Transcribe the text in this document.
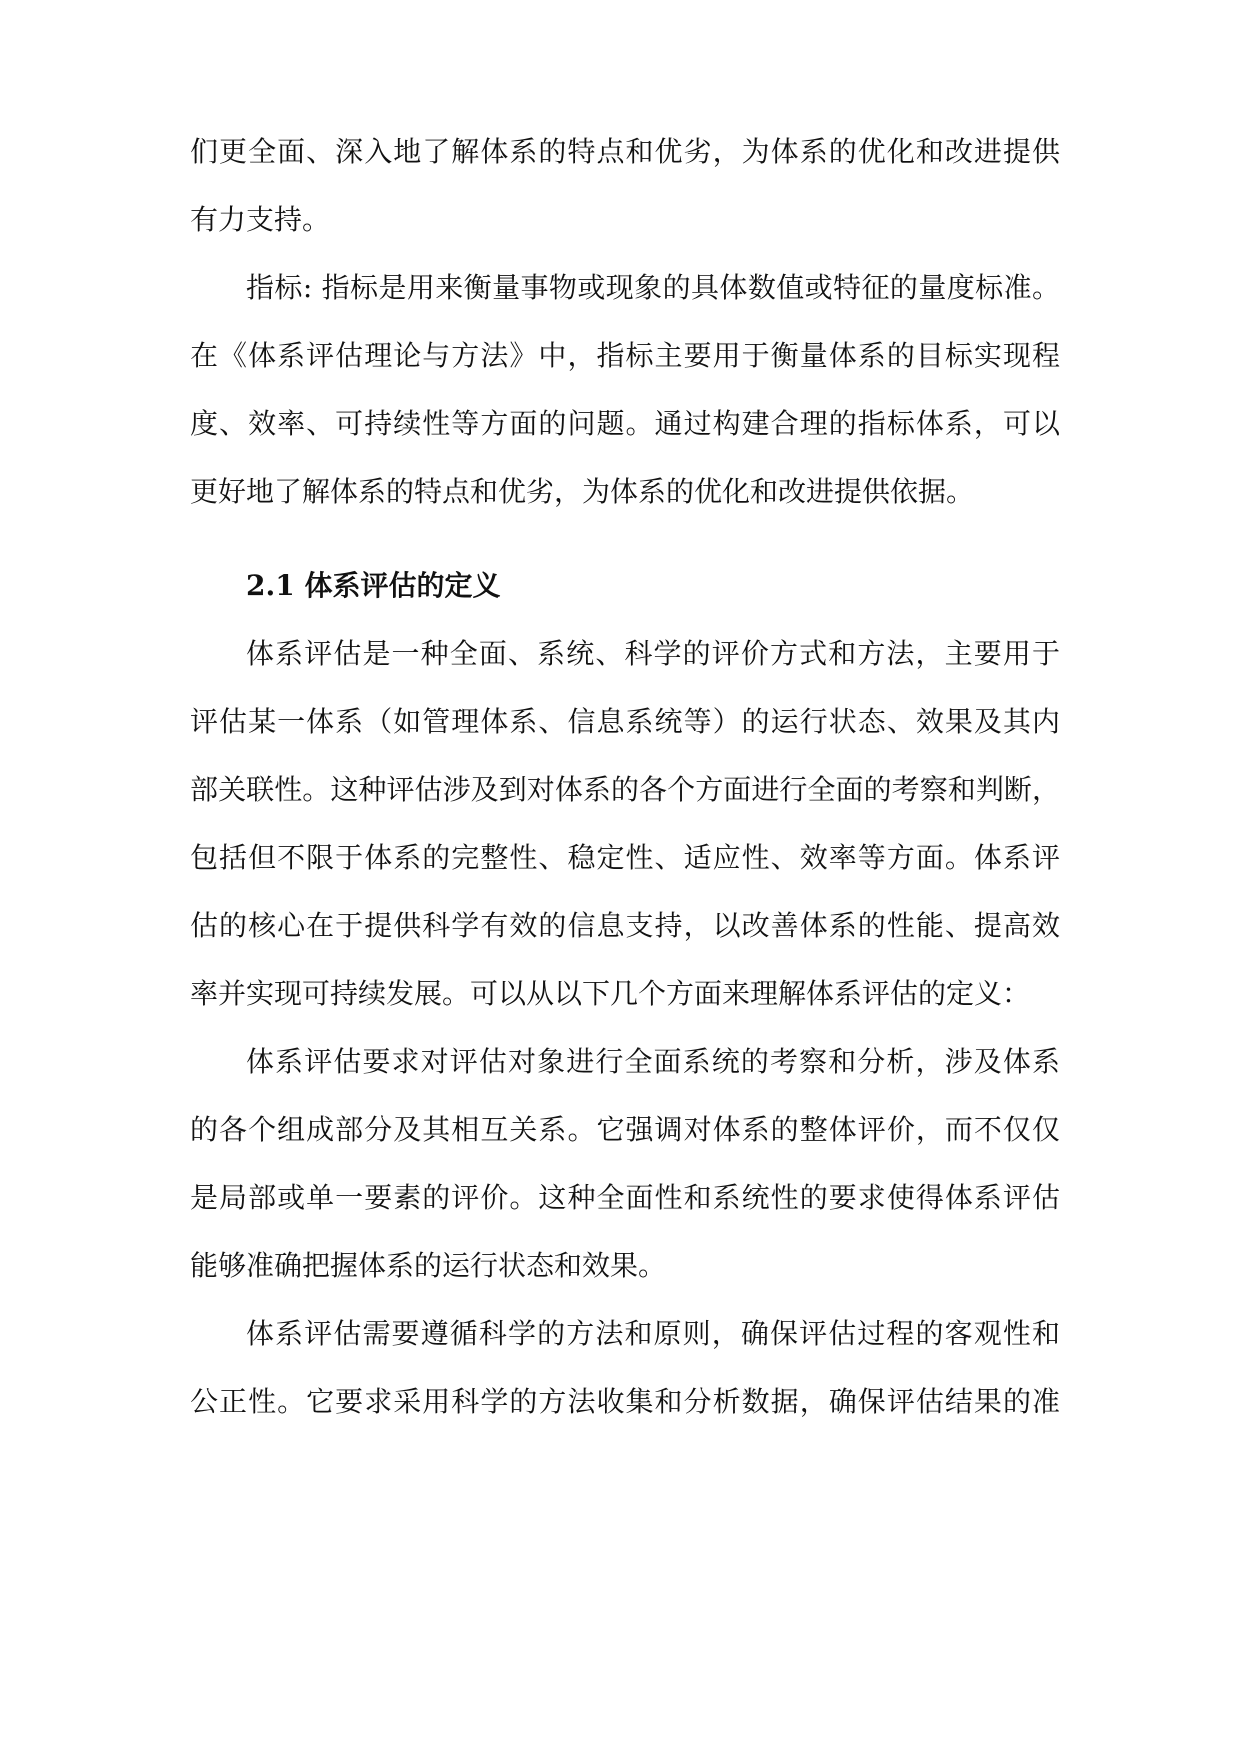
们更全面、深入地了解体系的特点和优劣，为体系的优化和改进提供
有力支持。
指标: 指标是用来衡量事物或现象的具体数值或特征的量度标准。
在《体系评估理论与方法》中，指标主要用于衡量体系的目标实现程
度、效率、可持续性等方面的问题。通过构建合理的指标体系，可以
更好地了解体系的特点和优劣，为体系的优化和改进提供依据。
2.1 体系评估的定义
体系评估是一种全面、系统、科学的评价方式和方法，主要用于
评估某一体系（如管理体系、信息系统等）的运行状态、效果及其内
部关联性。这种评估涉及到对体系的各个方面进行全面的考察和判断，
包括但不限于体系的完整性、稳定性、适应性、效率等方面。体系评
估的核心在于提供科学有效的信息支持，以改善体系的性能、提高效
率并实现可持续发展。可以从以下几个方面来理解体系评估的定义：
体系评估要求对评估对象进行全面系统的考察和分析，涉及体系
的各个组成部分及其相互关系。它强调对体系的整体评价，而不仅仅
是局部或单一要素的评价。这种全面性和系统性的要求使得体系评估
能够准确把握体系的运行状态和效果。
体系评估需要遵循科学的方法和原则，确保评估过程的客观性和
公正性。它要求采用科学的方法收集和分析数据，确保评估结果的准
